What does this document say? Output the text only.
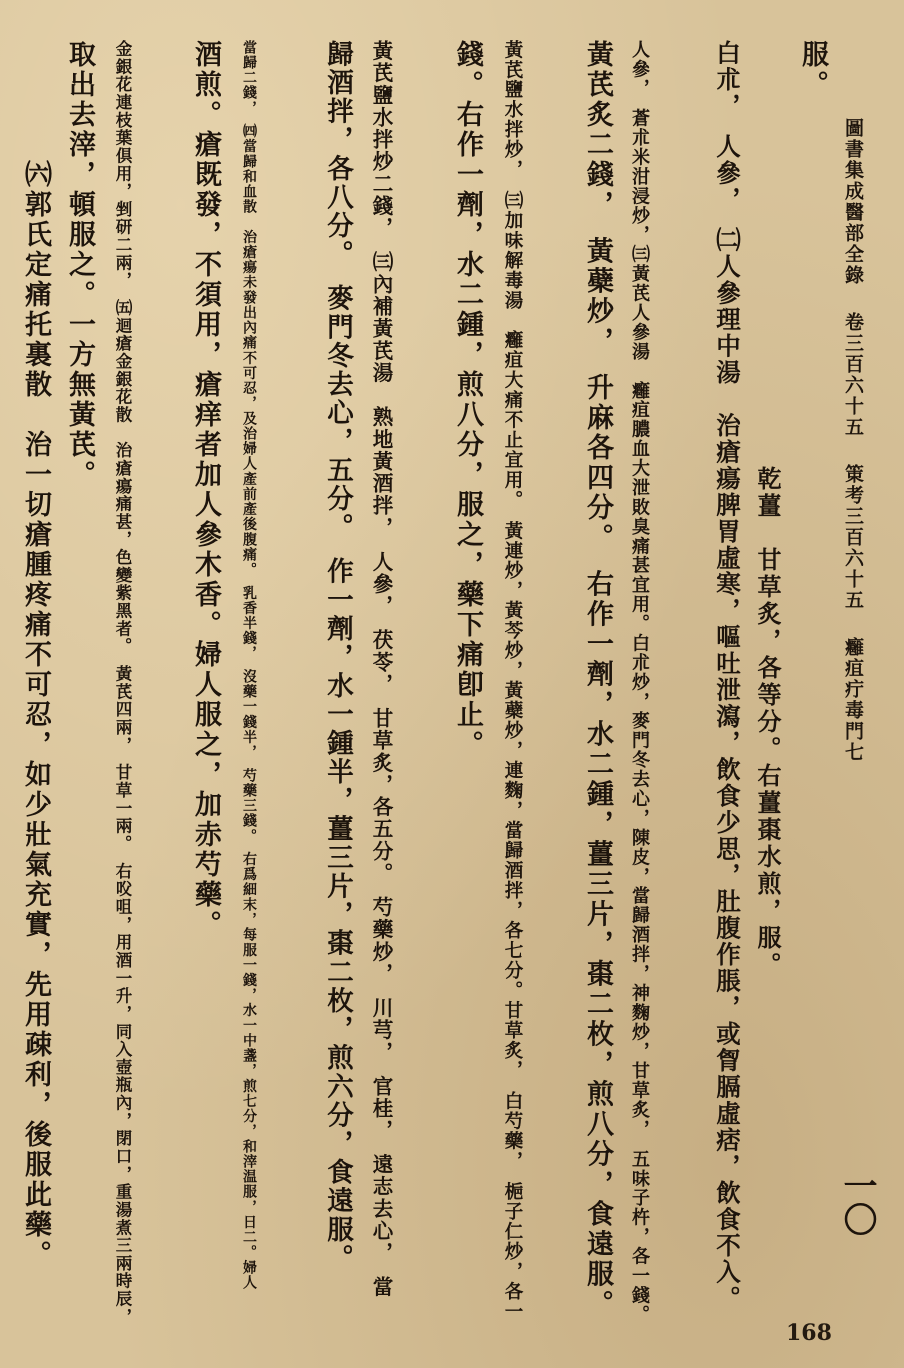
圖書集成醫部全錄卷三百六十五䇿考三百六十五癰疽疔毒門七
一〇
服。
白朮，　人參，　㈡人參理中湯　治瘡瘍脾胃虛寒，嘔吐泄瀉，飲食少思，肚腹作脹，或胷膈虛痞，飲食不入。 　　　　　　　　乾薑　甘草炙，各等分。右薑棗水煎，服。
人參，　蒼朮米泔浸炒，㈢黃芪人參湯　癰疽膿血大泄敗臭痛甚宜用。白朮炒，麥門冬去心，陳皮，當歸酒拌，神麴炒，甘草炙，　五味子杵，各一錢。
黃芪炙二錢，　黃蘗炒，　升麻各四分。　右作一劑，水二鍾，薑三片，棗二枚，煎八分，食遠服。
黃芪鹽水拌炒，　㈢加味解毒湯　癰疽大痛不止宜用。　黃連炒，黃芩炒，黃蘗炒，連麴，當歸酒拌，各七分。甘草炙，　白芍藥，　梔子仁炒，各一
錢。右作一劑，水二鍾，煎八分，服之，藥下痛卽止。
黃芪鹽水拌炒二錢，　㈢內補黃芪湯　熟地黃酒拌，　人參，　茯苓，　甘草炙，各五分。　芍藥炒，　川芎，　官桂，　遠志去心，　當
歸酒拌，各八分。　麥門冬去心，五分。　作一劑，水一鍾半，薑三片，棗二枚，煎六分，食遠服。
當歸二錢，　㈣當歸和血散　治瘡瘍未發出內痛不可忍，及治婦人產前產後腹痛。　乳香半錢，　沒藥一錢半，　芍藥三錢。　右爲細末，每服一錢，水一中盞，煎七分，和滓温服，日二。婦人
酒煎。瘡既發，不須用，瘡痒者加人參木香。婦人服之，加赤芍藥。
金銀花連枝葉倶用，剉研二兩，　㈤迴瘡金銀花散　治瘡瘍痛甚，色變紫黑者。　黃芪四兩，　甘草一兩。　右㕮咀，用酒一升，同入壺瓶內，閉口，重湯煮三兩時辰，
取出去滓，頓服之。一方無黃芪。
　　　　㈥郭氏定痛托裏散　治一切瘡腫疼痛不可忍，如少壯氣充實，先用疎利，後服此藥。
168
